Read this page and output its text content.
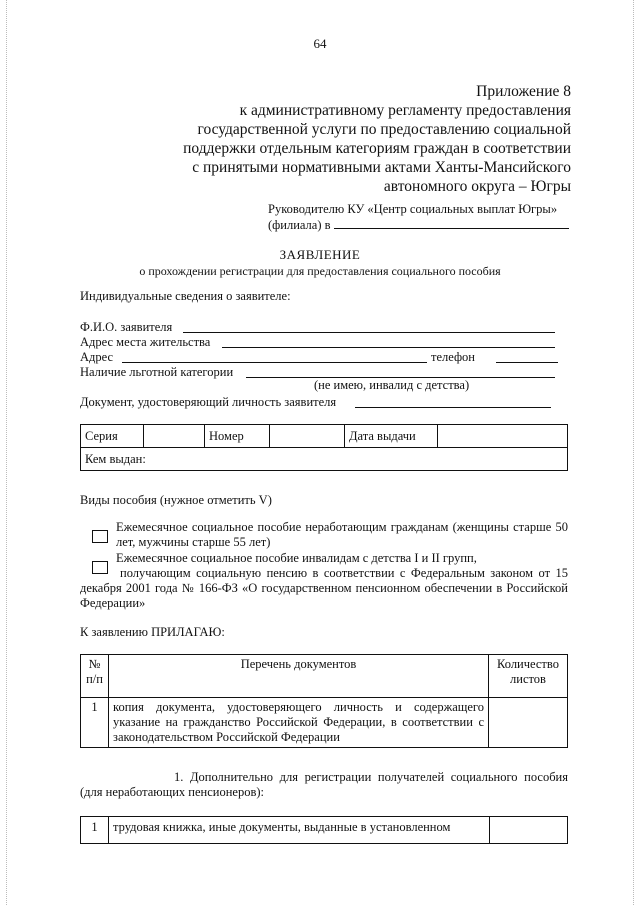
64
Приложение 8
к административному регламенту предоставления
государственной услуги по предоставлению социальной
поддержки отдельным категориям граждан в соответствии
с принятыми нормативными актами Ханты-Мансийского
автономного округа – Югры
Руководителю КУ «Центр социальных выплат Югры»
(филиала) в
ЗАЯВЛЕНИЕ
о прохождении регистрации для предоставления социального пособия
Индивидуальные сведения о заявителе:
Ф.И.О. заявителя
Адрес места жительства
Адрес	телефон
Наличие льготной категории
(не имею, инвалид с детства)
Документ, удостоверяющий личность заявителя
Серия		Номер		Дата выдачи	
Кем выдан:
Виды пособия (нужное отметить V)
Ежемесячное социальное пособие неработающим гражданам (женщины старше 50 лет, мужчины старше 55 лет)
Ежемесячное социальное пособие инвалидам с детства I и II групп,
получающим социальную пенсию в соответствии с Федеральным законом от 15 декабря 2001 года № 166-ФЗ «О государственном пенсионном обеспечении в Российской Федерации»
К заявлению ПРИЛАГАЮ:
№ п/п	Перечень документов	Количество листов
1	копия документа, удостоверяющего личность и содержащего указание на гражданство Российской Федерации, в соответствии с законодательством Российской Федерации	
1. Дополнительно для регистрации получателей социального пособия (для неработающих пенсионеров):
1	трудовая книжка, иные документы, выданные в установленном	
